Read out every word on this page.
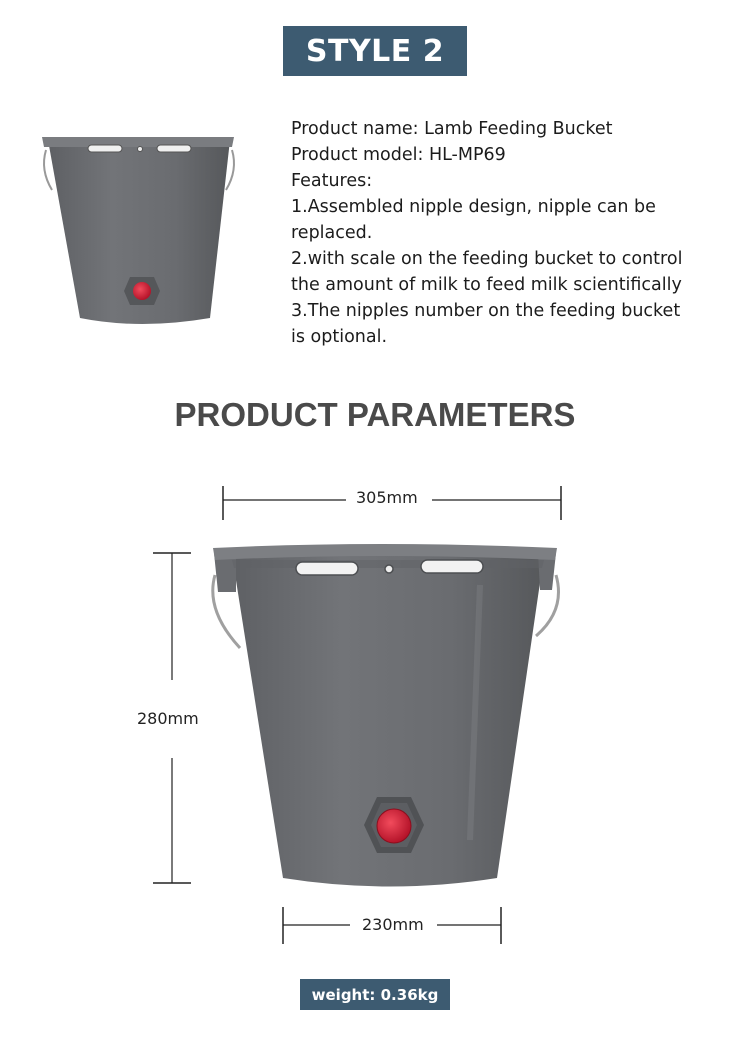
STYLE 2
Product name: Lamb Feeding Bucket
Product model: HL-MP69
Features:
1.Assembled nipple design, nipple can be
replaced.
2.with scale on the feeding bucket to control
the amount of milk to feed milk scientifically
3.The nipples number on the feeding bucket
is optional.
PRODUCT PARAMETERS
305mm
280mm
230mm
weight: 0.36kg
